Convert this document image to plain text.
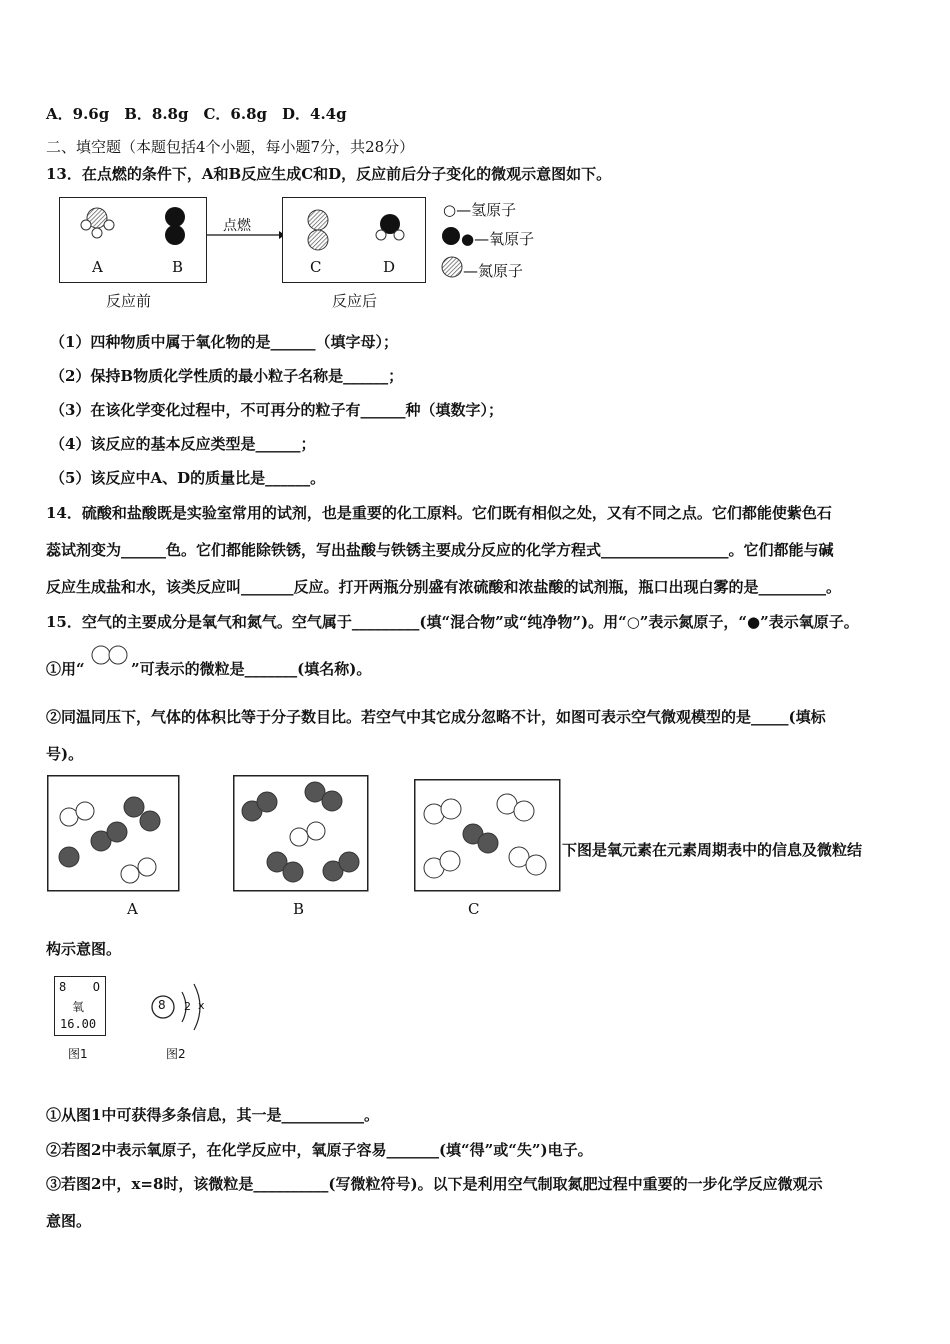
A．9.6g　B．8.8g　C．6.8g　D．4.4g
二、填空题（本题包括4个小题，每小题7分，共28分）
13．在点燃的条件下，A和B反应生成C和D，反应前后分子变化的微观示意图如下。
A	B
点燃
C	D
反应前	反应后
○—氢原子
●—氧原子
—氮原子
（1）四种物质中属于氧化物的是______（填字母）；
（2）保持B物质化学性质的最小粒子名称是______；
（3）在该化学变化过程中，不可再分的粒子有______种（填数字）；
（4）该反应的基本反应类型是______；
（5）该反应中A、D的质量比是______。
14．硫酸和盐酸既是实验室常用的试剂，也是重要的化工原料。它们既有相似之处，又有不同之点。它们都能使紫色石
蕊试剂变为______色。它们都能除铁锈，写出盐酸与铁锈主要成分反应的化学方程式_________________。它们都能与碱
反应生成盐和水，该类反应叫_______反应。打开两瓶分别盛有浓硫酸和浓盐酸的试剂瓶，瓶口出现白雾的是_________。
15．空气的主要成分是氧气和氮气。空气属于_________(填“混合物”或“纯净物”)。用“○”表示氮原子，“●”表示氧原子。
①用“	”可表示的微粒是_______(填名称)。
②同温同压下，气体的体积比等于分子数目比。若空气中其它成分忽略不计，如图可表示空气微观模型的是_____(填标
号)。
A	B	C
下图是氧元素在元素周期表中的信息及微粒结
构示意图。
8 O
氧
16.00
图1
8 2 x
图2
①从图1中可获得多条信息，其一是___________。
②若图2中表示氧原子，在化学反应中，氧原子容易_______(填“得”或“失”)电子。
③若图2中，x=8时，该微粒是__________(写微粒符号)。以下是利用空气制取氮肥过程中重要的一步化学反应微观示
意图。
